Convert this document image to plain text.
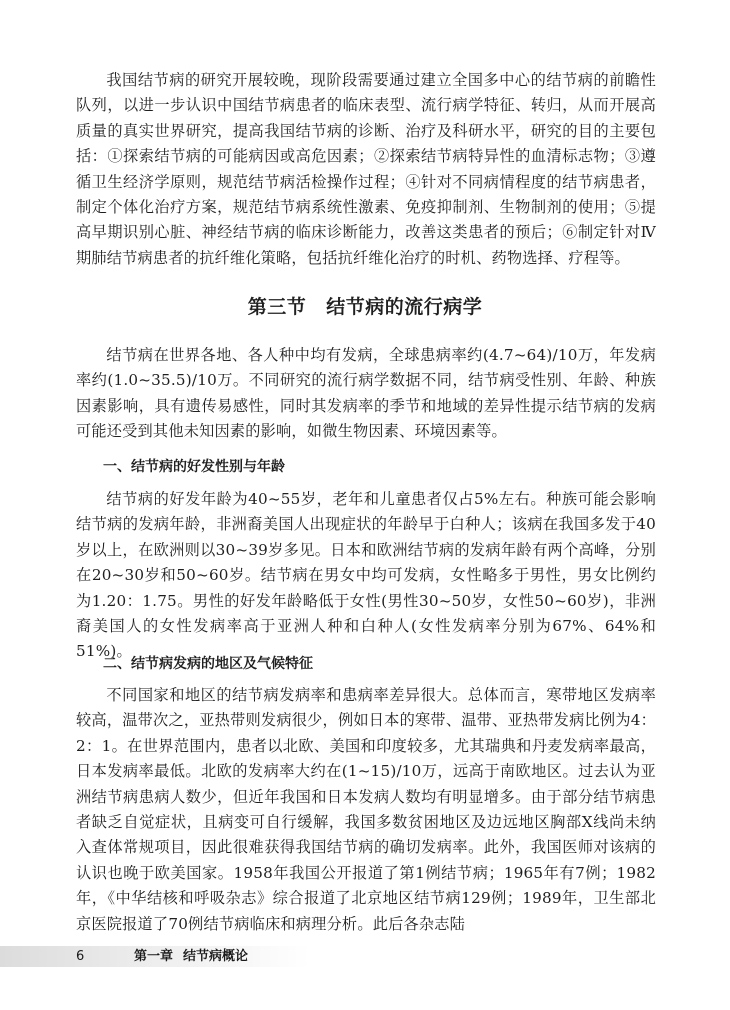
我国结节病的研究开展较晚，现阶段需要通过建立全国多中心的结节病的前瞻性队列，以进一步认识中国结节病患者的临床表型、流行病学特征、转归，从而开展高质量的真实世界研究，提高我国结节病的诊断、治疗及科研水平，研究的目的主要包括：①探索结节病的可能病因或高危因素；②探索结节病特异性的血清标志物；③遵循卫生经济学原则，规范结节病活检操作过程；④针对不同病情程度的结节病患者，制定个体化治疗方案，规范结节病系统性激素、免疫抑制剂、生物制剂的使用；⑤提高早期识别心脏、神经结节病的临床诊断能力，改善这类患者的预后；⑥制定针对Ⅳ期肺结节病患者的抗纤维化策略，包括抗纤维化治疗的时机、药物选择、疗程等。

第三节 结节病的流行病学

结节病在世界各地、各人种中均有发病，全球患病率约(4.7~64)/10万，年发病率约(1.0~35.5)/10万。不同研究的流行病学数据不同，结节病受性别、年龄、种族因素影响，具有遗传易感性，同时其发病率的季节和地域的差异性提示结节病的发病可能还受到其他未知因素的影响，如微生物因素、环境因素等。

一、结节病的好发性别与年龄

结节病的好发年龄为40~55岁，老年和儿童患者仅占5%左右。种族可能会影响结节病的发病年龄，非洲裔美国人出现症状的年龄早于白种人；该病在我国多发于40岁以上，在欧洲则以30~39岁多见。日本和欧洲结节病的发病年龄有两个高峰，分别在20~30岁和50~60岁。结节病在男女中均可发病，女性略多于男性，男女比例约为1.20：1.75。男性的好发年龄略低于女性(男性30~50岁，女性50~60岁)，非洲裔美国人的女性发病率高于亚洲人种和白种人(女性发病率分别为67%、64%和51%)。

二、结节病发病的地区及气候特征

不同国家和地区的结节病发病率和患病率差异很大。总体而言，寒带地区发病率较高，温带次之，亚热带则发病很少，例如日本的寒带、温带、亚热带发病比例为4：2：1。在世界范围内，患者以北欧、美国和印度较多，尤其瑞典和丹麦发病率最高，日本发病率最低。北欧的发病率大约在(1~15)/10万，远高于南欧地区。过去认为亚洲结节病患病人数少，但近年我国和日本发病人数均有明显增多。由于部分结节病患者缺乏自觉症状，且病变可自行缓解，我国多数贫困地区及边远地区胸部X线尚未纳入查体常规项目，因此很难获得我国结节病的确切发病率。此外，我国医师对该病的认识也晚于欧美国家。1958年我国公开报道了第1例结节病；1965年有7例；1982年，《中华结核和呼吸杂志》综合报道了北京地区结节病129例；1989年，卫生部北京医院报道了70例结节病临床和病理分析。此后各杂志陆

6	第一章 结节病概论
